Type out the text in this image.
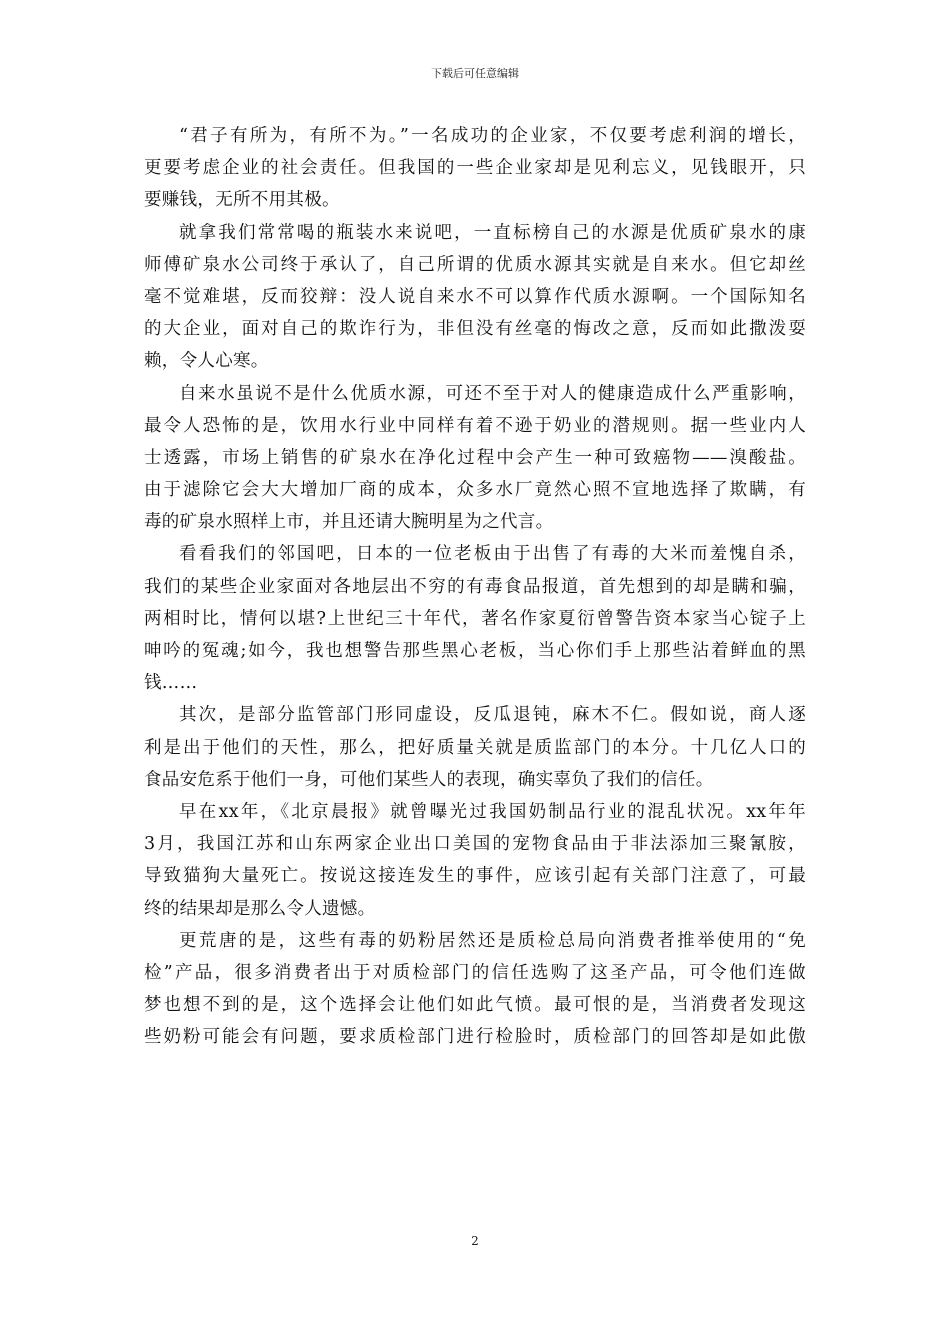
下载后可任意编辑

“君子有所为，有所不为。”一名成功的企业家，不仅要考虑利润的增长，
更要考虑企业的社会责任。但我国的一些企业家却是见利忘义，见钱眼开，只
要赚钱，无所不用其极。

就拿我们常常喝的瓶装水来说吧，一直标榜自己的水源是优质矿泉水的康
师傅矿泉水公司终于承认了，自己所谓的优质水源其实就是自来水。但它却丝
毫不觉难堪，反而狡辩：没人说自来水不可以算作代质水源啊。一个国际知名
的大企业，面对自己的欺诈行为，非但没有丝毫的悔改之意，反而如此撒泼耍
赖，令人心寒。

自来水虽说不是什么优质水源，可还不至于对人的健康造成什么严重影响，
最令人恐怖的是，饮用水行业中同样有着不逊于奶业的潜规则。据一些业内人
士透露，市场上销售的矿泉水在净化过程中会产生一种可致癌物——溴酸盐。
由于滤除它会大大增加厂商的成本，众多水厂竟然心照不宣地选择了欺瞒，有
毒的矿泉水照样上市，并且还请大腕明星为之代言。

看看我们的邻国吧，日本的一位老板由于出售了有毒的大米而羞愧自杀，
我们的某些企业家面对各地层出不穷的有毒食品报道，首先想到的却是瞒和骗，
两相时比，情何以堪?上世纪三十年代，著名作家夏衍曾警告资本家当心锭子上
呻吟的冤魂;如今，我也想警告那些黑心老板，当心你们手上那些沾着鲜血的黑
钱……

其次，是部分监管部门形同虚设，反瓜退钝，麻木不仁。假如说，商人逐
利是出于他们的天性，那么，把好质量关就是质监部门的本分。十几亿人口的
食品安危系于他们一身，可他们某些人的表现，确实辜负了我们的信任。

早在xx年，《北京晨报》就曾曝光过我国奶制品行业的混乱状况。xx年年
3月，我国江苏和山东两家企业出口美国的宠物食品由于非法添加三聚氰胺，
导致猫狗大量死亡。按说这接连发生的事件，应该引起有关部门注意了，可最
终的结果却是那么令人遗憾。

更荒唐的是，这些有毒的奶粉居然还是质检总局向消费者推举使用的“免
检”产品，很多消费者出于对质检部门的信任选购了这圣产品，可令他们连做
梦也想不到的是，这个选择会让他们如此气愤。最可恨的是，当消费者发现这
些奶粉可能会有问题，要求质检部门进行检脸时，质检部门的回答却是如此傲

2
